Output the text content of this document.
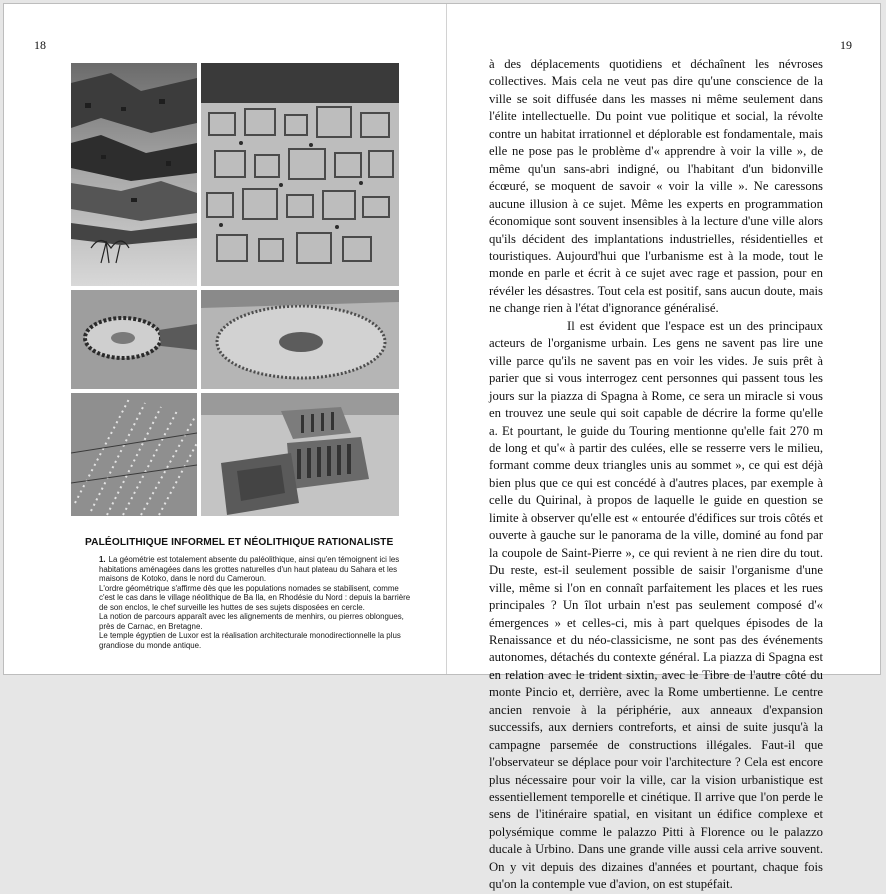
18	19
PALÉOLITHIQUE INFORMEL ET NÉOLITHIQUE RATIONALISTE

1. La géométrie est totalement absente du paléolithique, ainsi qu'en témoignent ici les habitations aménagées dans les grottes naturelles d'un haut plateau du Sahara et les maisons de Kotoko, dans le nord du Cameroun.

L'ordre géométrique s'affirme dès que les populations nomades se stabilisent, comme c'est le cas dans le village néolithique de Ba Ila, en Rhodésie du Nord : depuis la barrière de son enclos, le chef surveille les huttes de ses sujets disposées en cercle.

La notion de parcours apparaît avec les alignements de menhirs, ou pierres oblongues, près de Carnac, en Bretagne.

Le temple égyptien de Luxor est la réalisation architecturale monodirectionnelle la plus grandiose du monde antique.

à des déplacements quotidiens et déchaînent les névroses collectives. Mais cela ne veut pas dire qu'une conscience de la ville se soit diffusée dans les masses ni même seulement dans l'élite intellectuelle. Du point vue politique et social, la révolte contre un habitat irrationnel et déplorable est fondamentale, mais elle ne pose pas le problème d'« apprendre à voir la ville », de même qu'un sans-abri indigné, ou l'habitant d'un bidonville écœuré, se moquent de savoir « voir la ville ». Ne caressons aucune illusion à ce sujet. Même les experts en programmation économique sont souvent insensibles à la lecture d'une ville alors qu'ils décident des implantations industrielles, résidentielles et touristiques. Aujourd'hui que l'urbanisme est à la mode, tout le monde en parle et écrit à ce sujet avec rage et passion, pour en révéler les désastres. Tout cela est positif, sans aucun doute, mais ne change rien à l'état d'ignorance généralisé.

Il est évident que l'espace est un des principaux acteurs de l'organisme urbain. Les gens ne savent pas lire une ville parce qu'ils ne savent pas en voir les vides. Je suis prêt à parier que si vous interrogez cent personnes qui passent tous les jours sur la piazza di Spagna à Rome, ce sera un miracle si vous en trouvez une seule qui soit capable de décrire la forme qu'elle a. Et pourtant, le guide du Touring mentionne qu'elle fait 270 m de long et qu'« à partir des culées, elle se resserre vers le milieu, formant comme deux triangles unis au sommet », ce qui est déjà bien plus que ce qui est concédé à d'autres places, par exemple à celle du Quirinal, à propos de laquelle le guide en question se limite à observer qu'elle est « entourée d'édifices sur trois côtés et ouverte à gauche sur le panorama de la ville, dominé au fond par la coupole de Saint-Pierre », ce qui revient à ne rien dire du tout. Du reste, est-il seulement possible de saisir l'organisme d'une ville, même si l'on en connaît parfaitement les places et les rues principales ? Un îlot urbain n'est pas seulement composé d'« émergences » et celles-ci, mis à part quelques épisodes de la Renaissance et du néo-classicisme, ne sont pas des événements autonomes, détachés du contexte général. La piazza di Spagna est en relation avec le trident sixtin, avec le Tibre de l'autre côté du monte Pincio et, derrière, avec la Rome umbertienne. Le centre ancien renvoie à la périphérie, aux anneaux d'expansion successifs, aux derniers contreforts, et ainsi de suite jusqu'à la campagne parsemée de constructions illégales. Faut-il que l'observateur se déplace pour voir l'architecture ? Cela est encore plus nécessaire pour voir la ville, car la vision urbanistique est essentiellement temporelle et cinétique. Il arrive que l'on perde le sens de l'itinéraire spatial, en visitant un édifice complexe et polysémique comme le palazzo Pitti à Florence ou le palazzo ducale à Urbino. Dans une grande ville aussi cela arrive souvent. On y vit depuis des dizaines d'années et pourtant, chaque fois qu'on la contemple vue d'avion, on est stupéfait.
